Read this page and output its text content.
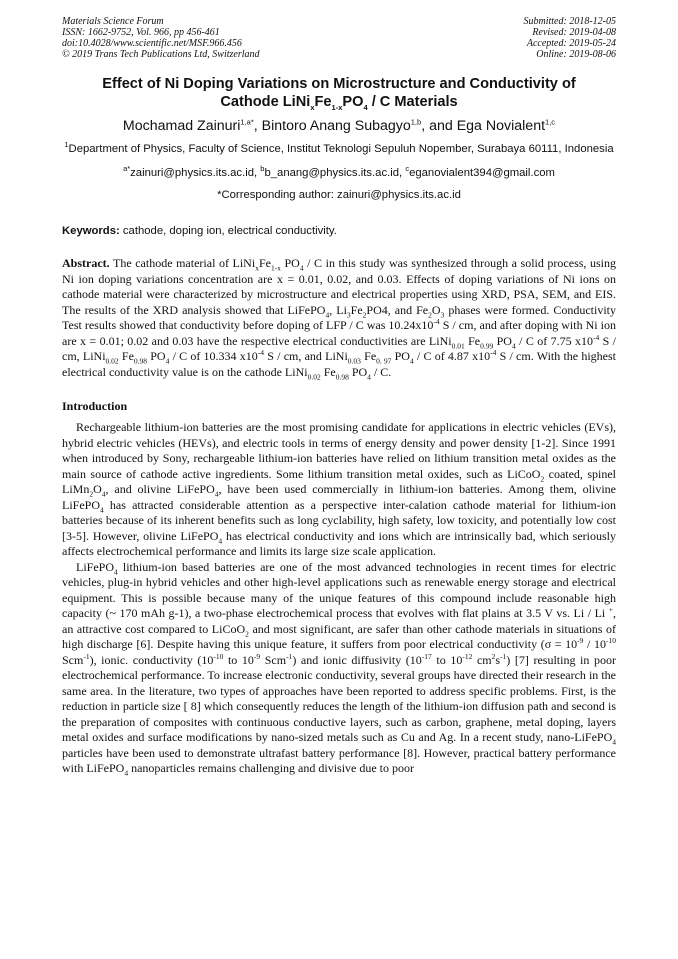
Materials Science Forum
ISSN: 1662-9752, Vol. 966, pp 456-461
doi:10.4028/www.scientific.net/MSF.966.456
© 2019 Trans Tech Publications Ltd, Switzerland
Submitted: 2018-12-05
Revised: 2019-04-08
Accepted: 2019-05-24
Online: 2019-08-06
Effect of Ni Doping Variations on Microstructure and Conductivity of
Cathode $LiNi_xFe_{1-x}PO_4$ / C Materials
Mochamad Zainuri$^{1,a*}$, Bintoro Anang Subagyo$^{1,b}$, and Ega Novialent$^{1,c}$
$^1$Department of Physics, Faculty of Science, Institut Teknologi Sepuluh Nopember, Surabaya 60111, Indonesia
$^{a*}$zainuri@physics.its.ac.id, $^b$b_anang@physics.its.ac.id, $^c$eganovialent394@gmail.com
*Corresponding author: zainuri@physics.its.ac.id
Keywords: cathode, doping ion, electrical conductivity.
Abstract. The cathode material of $LiNi_xFe_{1-x}$ $PO_4$ / C in this study was synthesized through a solid process, using Ni ion doping variations concentration are x = 0.01, 0.02, and 0.03. Effects of doping variations of Ni ions on cathode material were characterized by microstructure and electrical properties using XRD, PSA, SEM, and EIS. The results of the XRD analysis showed that LiFePO$_4$, $Li_3Fe_2PO4$, and $Fe_2O_3$ phases were formed. Conductivity Test results showed that conductivity before doping of LFP / C was $10.24x10^{-4}$ S / cm, and after doping with Ni ion are x = 0.01; 0.02 and 0.03 have the respective electrical conductivities are LiNi$_{0.01}$ $Fe_{0.99}$ $PO_4$ / C of 7.75 $x10^{-4}$ S / cm, LiNi$_{0.02}$ $Fe_{0.98}$ $PO_4$ / C of 10.334 $x10^{-4}$ S / cm, and LiNi$_{0.03}$ $Fe_{0. 97}$ $PO_4$ / C of 4.87 $x10^{-4}$ S / cm. With the highest electrical conductivity value is on the cathode LiNi$_{0.02}$ $Fe_{0.98}$ $PO_4$ / C.
Introduction

Rechargeable lithium-ion batteries are the most promising candidate for applications in electric vehicles (EVs), hybrid electric vehicles (HEVs), and electric tools in terms of energy density and power density [1-2]. Since 1991 when introduced by Sony, rechargeable lithium-ion batteries have relied on lithium transition metal oxides as the main source of cathode active ingredients. Some lithium transition metal oxides, such as LiCoO$_2$ coated, spinel $LiMn_2O_4$, and olivine LiFePO$_4$, have been used commercially in lithium-ion batteries. Among them, olivine LiFePO$_4$ has attracted considerable attention as a perspective inter-calation cathode material for lithium-ion batteries because of its inherent benefits such as long cyclability, high safety, low toxicity, and potentially low cost [3-5]. However, olivine LiFePO$_4$ has electrical conductivity and ions which are intrinsically bad, which seriously affects electrochemical performance and limits its large size scale application.

LiFePO$_4$ lithium-ion based batteries are one of the most advanced technologies in recent times for electric vehicles, plug-in hybrid vehicles and other high-level applications such as renewable energy storage and electrical equipment. This is possible because many of the unique features of this compound include reasonable high capacity (~ 170 mAh g-1), a two-phase electrochemical process that evolves with flat plains at 3.5 V vs. Li / Li +, an attractive cost compared to LiCoO$_2$ and most significant, are safer than other cathode materials in situations of high discharge [6]. Despite having this unique feature, it suffers from poor electrical conductivity ($\sigma = 10^{-9} / 10^{-10}$ Scm$^{-1}$), ionic. conductivity ($10^{-10}$ to $10^{-9}$ Scm$^{-1}$) and ionic diffusivity ($10^{-17}$ to $10^{-12}$ $cm^2s^{-1}$) [7] resulting in poor electrochemical performance. To increase electronic conductivity, several groups have directed their research in the same area. In the literature, two types of approaches have been reported to address specific problems. First, is the reduction in particle size [ 8] which consequently reduces the length of the lithium-ion diffusion path and second is the preparation of composites with continuous conductive layers, such as carbon, graphene, metal doping, layers metal oxides and surface modifications by nano-sized metals such as Cu and Ag. In a recent study, nano-LiFePO$_4$ particles have been used to demonstrate ultrafast battery performance [8]. However, practical battery performance with LiFePO$_4$ nanoparticles remains challenging and divisive due to poor
